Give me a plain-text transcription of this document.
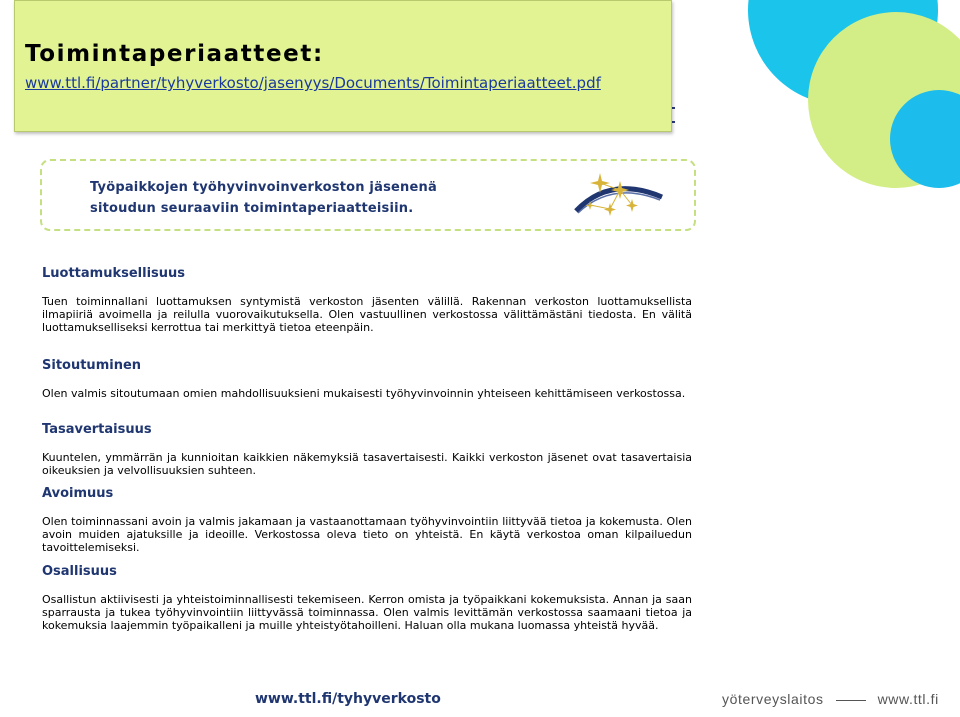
Toimintaperiaatteet:
www.ttl.fi/partner/tyhyverkosto/jasenyys/Documents/Toimintaperiaatteet.pdf
Työpaikkojen työhyvinvoinverkoston jäsenenä
sitoudun seuraaviin toimintaperiaatteisiin.
Luottamuksellisuus

Tuen toiminnallani luottamuksen syntymistä verkoston jäsenten välillä. Rakennan verkoston luottamuksellista ilmapiiriä avoimella ja reilulla vuorovaikutuksella. Olen vastuullinen verkostossa välittämästäni tiedosta. En välitä luottamukselliseksi kerrottua tai merkittyä tietoa eteenpäin.

Sitoutuminen

Olen valmis sitoutumaan omien mahdollisuuksieni mukaisesti työhyvinvoinnin yhteiseen kehittämiseen verkostossa.

Tasavertaisuus

Kuuntelen, ymmärrän ja kunnioitan kaikkien näkemyksiä tasavertaisesti. Kaikki verkoston jäsenet ovat tasavertaisia oikeuksien ja velvollisuuksien suhteen.

Avoimuus

Olen toiminnassani avoin ja valmis jakamaan ja vastaanottamaan työhyvinvointiin liittyvää tietoa ja kokemusta. Olen avoin muiden ajatuksille ja ideoille. Verkostossa oleva tieto on yhteistä. En käytä verkostoa oman kilpailuedun tavoittelemiseksi.

Osallisuus

Osallistun aktiivisesti ja yhteistoiminnallisesti tekemiseen. Kerron omista ja työpaikkani kokemuksista. Annan ja saan sparrausta ja tukea työhyvinvointiin liittyvässä toiminnassa. Olen valmis levittämän verkostossa saamaani tietoa ja kokemuksia laajemmin työpaikalleni ja muille yhteistyötahoilleni. Haluan olla mukana luomassa yhteistä hyvää.

www.ttl.fi/tyhyverkosto	yöterveyslaitos	www.ttl.fi
